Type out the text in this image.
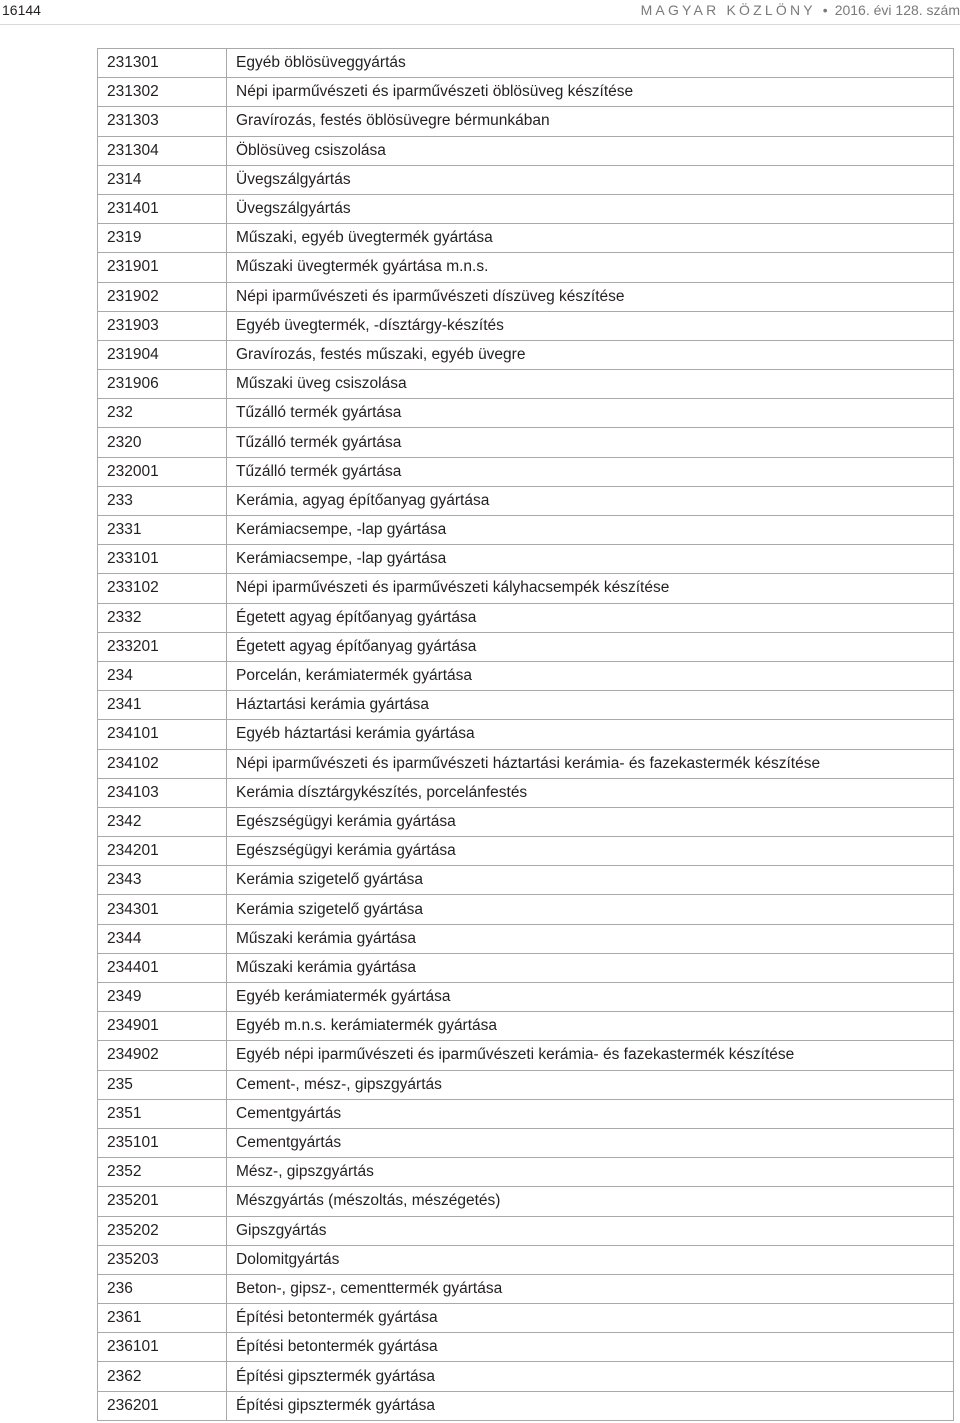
16144	MAGYAR KÖZLÖNY • 2016. évi 128. szám
231301	Egyéb öblösüveggyártás
231302	Népi iparművészeti és iparművészeti öblösüveg készítése
231303	Gravírozás, festés öblösüvegre bérmunkában
231304	Öblösüveg csiszolása
2314	Üvegszálgyártás
231401	Üvegszálgyártás
2319	Műszaki, egyéb üvegtermék gyártása
231901	Műszaki üvegtermék gyártása m.n.s.
231902	Népi iparművészeti és iparművészeti díszüveg készítése
231903	Egyéb üvegtermék, -dísztárgy-készítés
231904	Gravírozás, festés műszaki, egyéb üvegre
231906	Műszaki üveg csiszolása
232	Tűzálló termék gyártása
2320	Tűzálló termék gyártása
232001	Tűzálló termék gyártása
233	Kerámia, agyag építőanyag gyártása
2331	Kerámiacsempe, -lap gyártása
233101	Kerámiacsempe, -lap gyártása
233102	Népi iparművészeti és iparművészeti kályhacsempék készítése
2332	Égetett agyag építőanyag gyártása
233201	Égetett agyag építőanyag gyártása
234	Porcelán, kerámiatermék gyártása
2341	Háztartási kerámia gyártása
234101	Egyéb háztartási kerámia gyártása
234102	Népi iparművészeti és iparművészeti háztartási kerámia- és fazekastermék készítése
234103	Kerámia dísztárgykészítés, porcelánfestés
2342	Egészségügyi kerámia gyártása
234201	Egészségügyi kerámia gyártása
2343	Kerámia szigetelő gyártása
234301	Kerámia szigetelő gyártása
2344	Műszaki kerámia gyártása
234401	Műszaki kerámia gyártása
2349	Egyéb kerámiatermék gyártása
234901	Egyéb m.n.s. kerámiatermék gyártása
234902	Egyéb népi iparművészeti és iparművészeti kerámia- és fazekastermék készítése
235	Cement-, mész-, gipszgyártás
2351	Cementgyártás
235101	Cementgyártás
2352	Mész-, gipszgyártás
235201	Mészgyártás (mészoltás, mészégetés)
235202	Gipszgyártás
235203	Dolomitgyártás
236	Beton-, gipsz-, cementtermék gyártása
2361	Építési betontermék gyártása
236101	Építési betontermék gyártása
2362	Építési gipsztermék gyártása
236201	Építési gipsztermék gyártása
